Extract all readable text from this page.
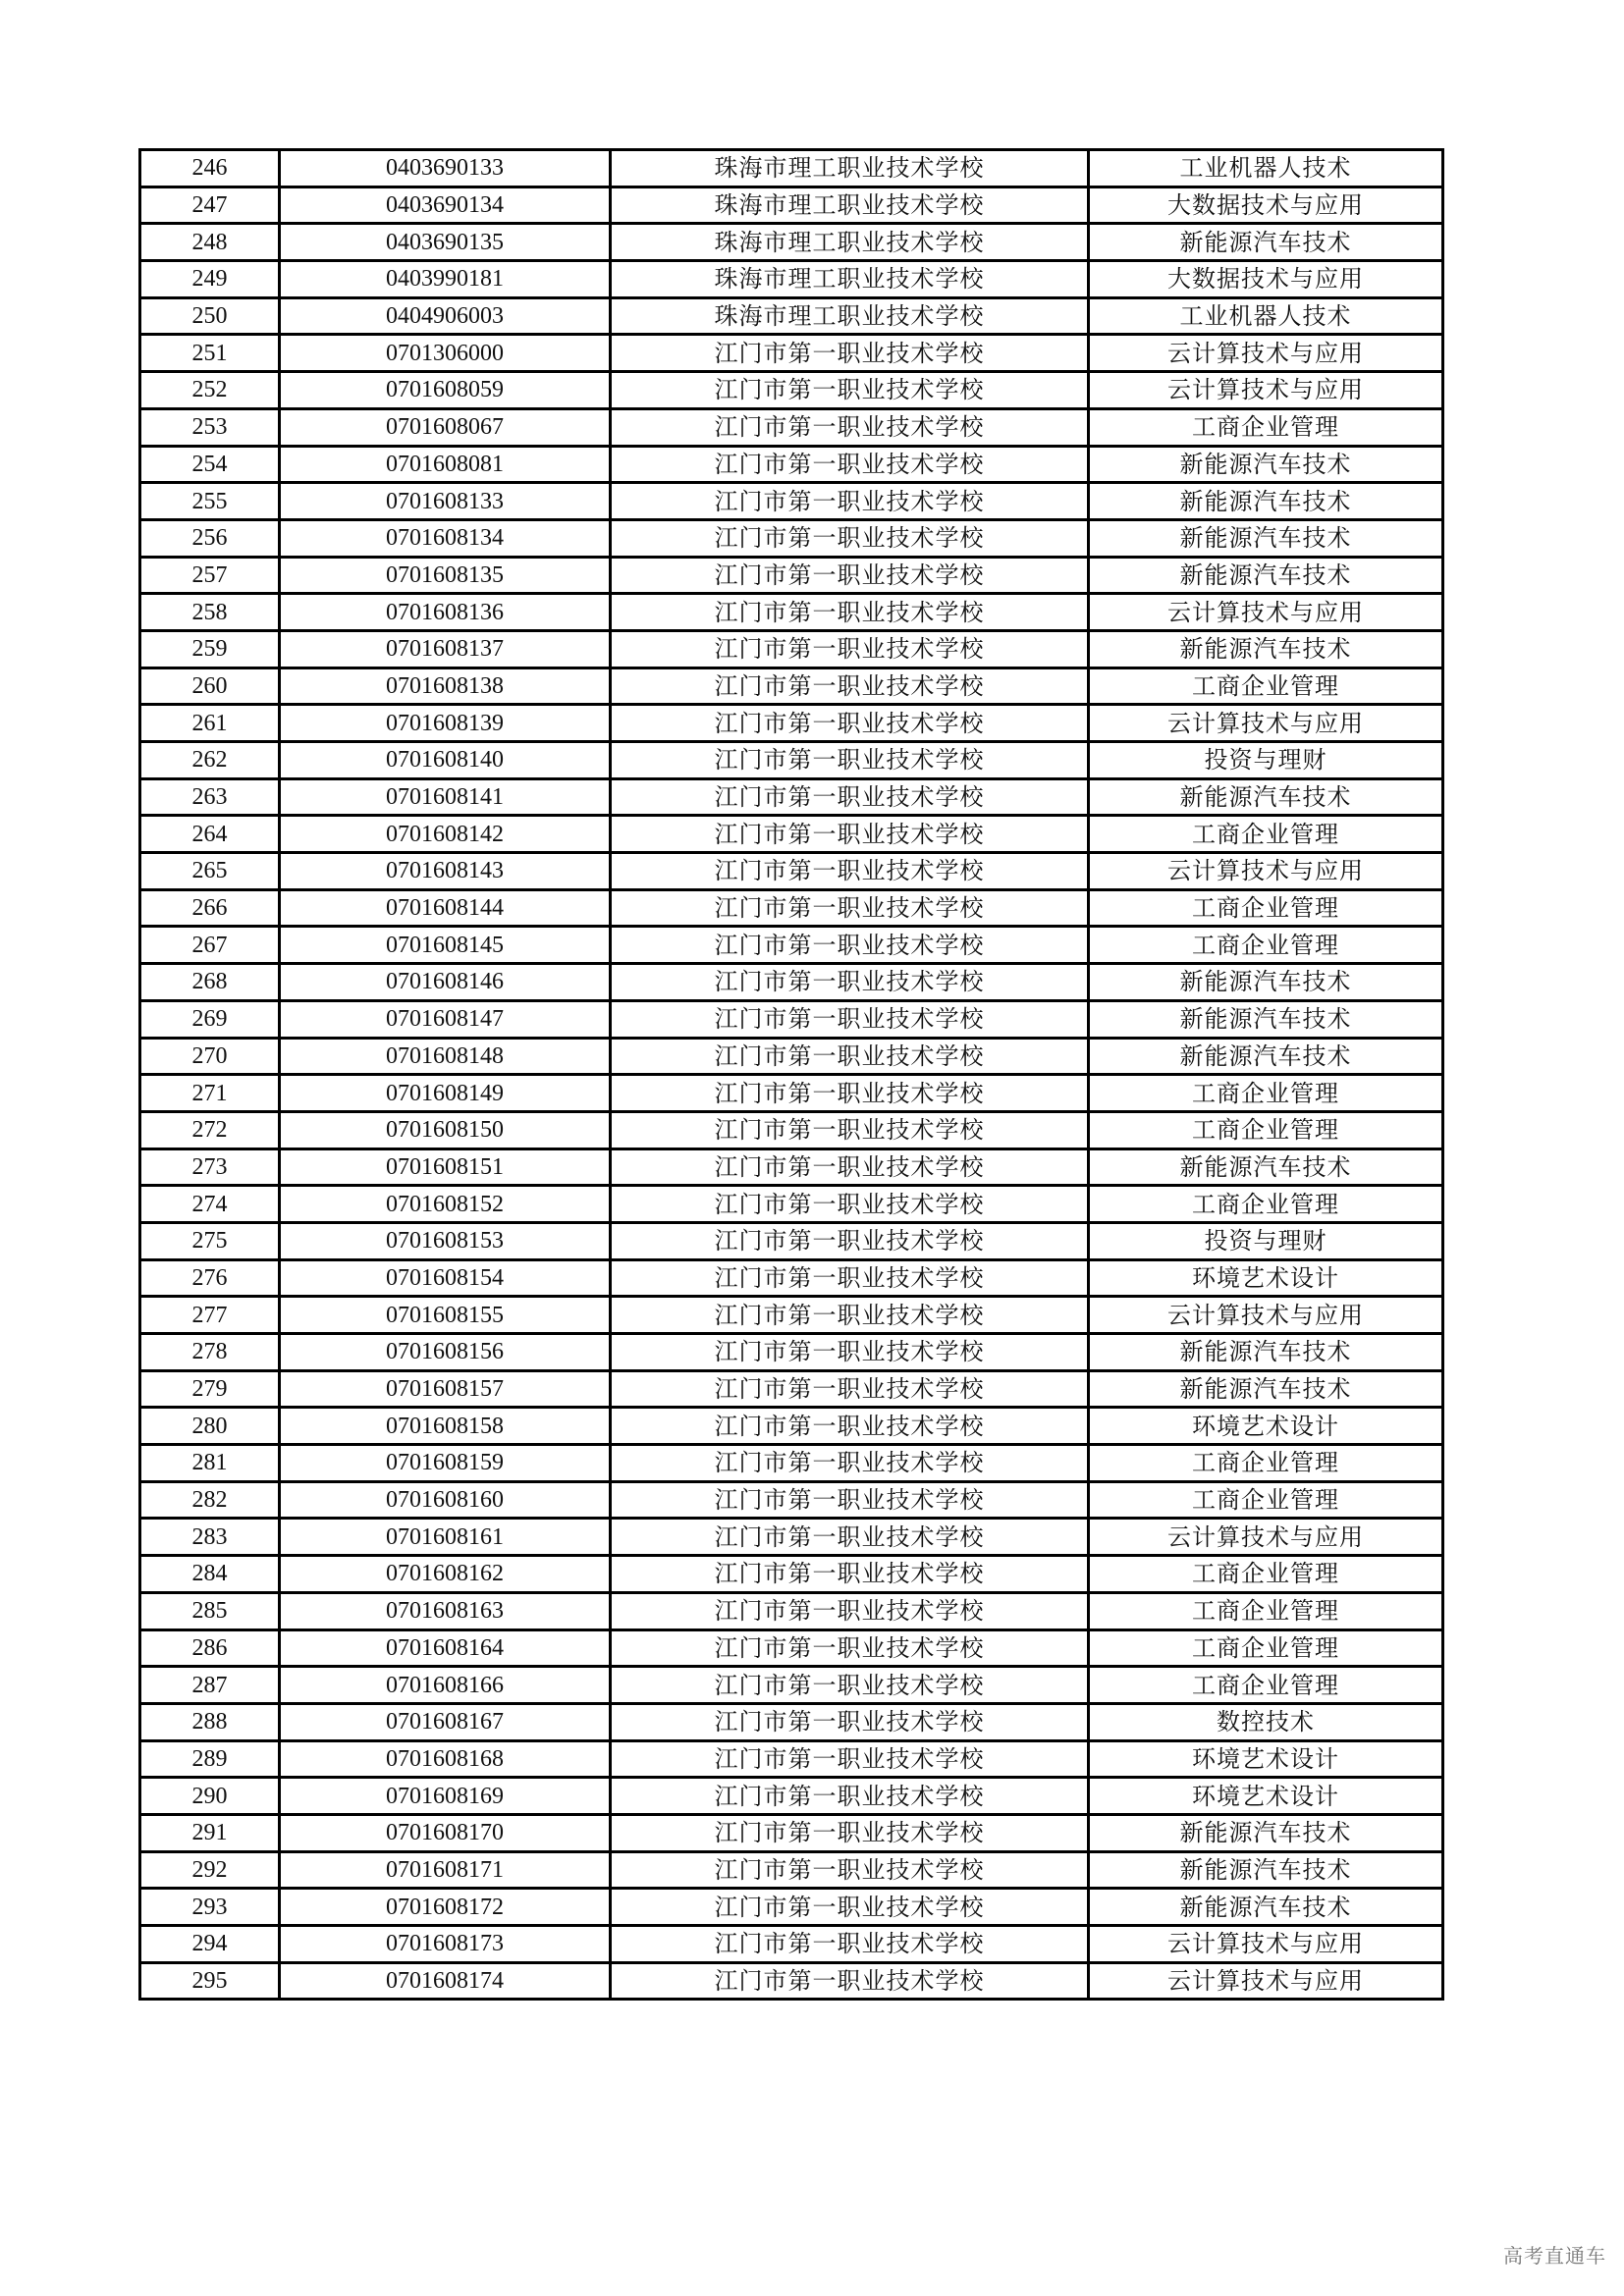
246	0403690133	珠海市理工职业技术学校	工业机器人技术
247	0403690134	珠海市理工职业技术学校	大数据技术与应用
248	0403690135	珠海市理工职业技术学校	新能源汽车技术
249	0403990181	珠海市理工职业技术学校	大数据技术与应用
250	0404906003	珠海市理工职业技术学校	工业机器人技术
251	0701306000	江门市第一职业技术学校	云计算技术与应用
252	0701608059	江门市第一职业技术学校	云计算技术与应用
253	0701608067	江门市第一职业技术学校	工商企业管理
254	0701608081	江门市第一职业技术学校	新能源汽车技术
255	0701608133	江门市第一职业技术学校	新能源汽车技术
256	0701608134	江门市第一职业技术学校	新能源汽车技术
257	0701608135	江门市第一职业技术学校	新能源汽车技术
258	0701608136	江门市第一职业技术学校	云计算技术与应用
259	0701608137	江门市第一职业技术学校	新能源汽车技术
260	0701608138	江门市第一职业技术学校	工商企业管理
261	0701608139	江门市第一职业技术学校	云计算技术与应用
262	0701608140	江门市第一职业技术学校	投资与理财
263	0701608141	江门市第一职业技术学校	新能源汽车技术
264	0701608142	江门市第一职业技术学校	工商企业管理
265	0701608143	江门市第一职业技术学校	云计算技术与应用
266	0701608144	江门市第一职业技术学校	工商企业管理
267	0701608145	江门市第一职业技术学校	工商企业管理
268	0701608146	江门市第一职业技术学校	新能源汽车技术
269	0701608147	江门市第一职业技术学校	新能源汽车技术
270	0701608148	江门市第一职业技术学校	新能源汽车技术
271	0701608149	江门市第一职业技术学校	工商企业管理
272	0701608150	江门市第一职业技术学校	工商企业管理
273	0701608151	江门市第一职业技术学校	新能源汽车技术
274	0701608152	江门市第一职业技术学校	工商企业管理
275	0701608153	江门市第一职业技术学校	投资与理财
276	0701608154	江门市第一职业技术学校	环境艺术设计
277	0701608155	江门市第一职业技术学校	云计算技术与应用
278	0701608156	江门市第一职业技术学校	新能源汽车技术
279	0701608157	江门市第一职业技术学校	新能源汽车技术
280	0701608158	江门市第一职业技术学校	环境艺术设计
281	0701608159	江门市第一职业技术学校	工商企业管理
282	0701608160	江门市第一职业技术学校	工商企业管理
283	0701608161	江门市第一职业技术学校	云计算技术与应用
284	0701608162	江门市第一职业技术学校	工商企业管理
285	0701608163	江门市第一职业技术学校	工商企业管理
286	0701608164	江门市第一职业技术学校	工商企业管理
287	0701608166	江门市第一职业技术学校	工商企业管理
288	0701608167	江门市第一职业技术学校	数控技术
289	0701608168	江门市第一职业技术学校	环境艺术设计
290	0701608169	江门市第一职业技术学校	环境艺术设计
291	0701608170	江门市第一职业技术学校	新能源汽车技术
292	0701608171	江门市第一职业技术学校	新能源汽车技术
293	0701608172	江门市第一职业技术学校	新能源汽车技术
294	0701608173	江门市第一职业技术学校	云计算技术与应用
295	0701608174	江门市第一职业技术学校	云计算技术与应用
高考直通车
